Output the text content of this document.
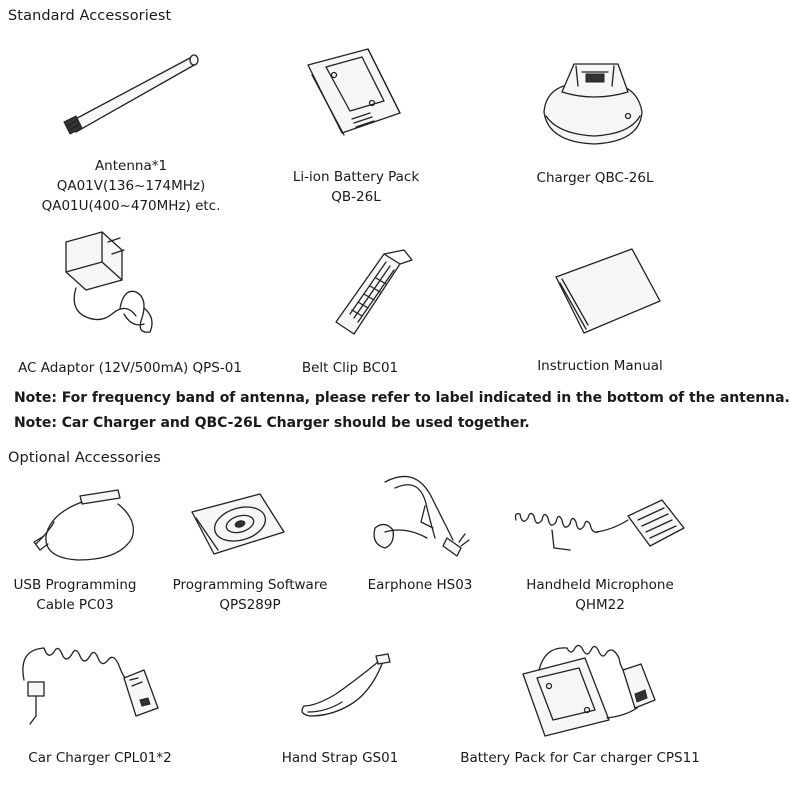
Standard Accessoriest
Optional Accessories
Antenna*1
QA01V(136~174MHz)
QA01U(400~470MHz) etc.
Li-ion Battery Pack
QB-26L
Charger QBC-26L
AC Adaptor (12V/500mA) QPS-01	Belt Clip BC01	Instruction Manual
Note: For frequency band of antenna, please refer to label indicated in the bottom of the antenna.
Note: Car Charger and QBC-26L Charger should be used together.
USB Programming
Cable PC03
Programming Software
QPS289P
Earphone HS03	Handheld Microphone
QHM22
Car Charger CPL01*2	Hand Strap GS01	Battery Pack for Car charger CPS11
